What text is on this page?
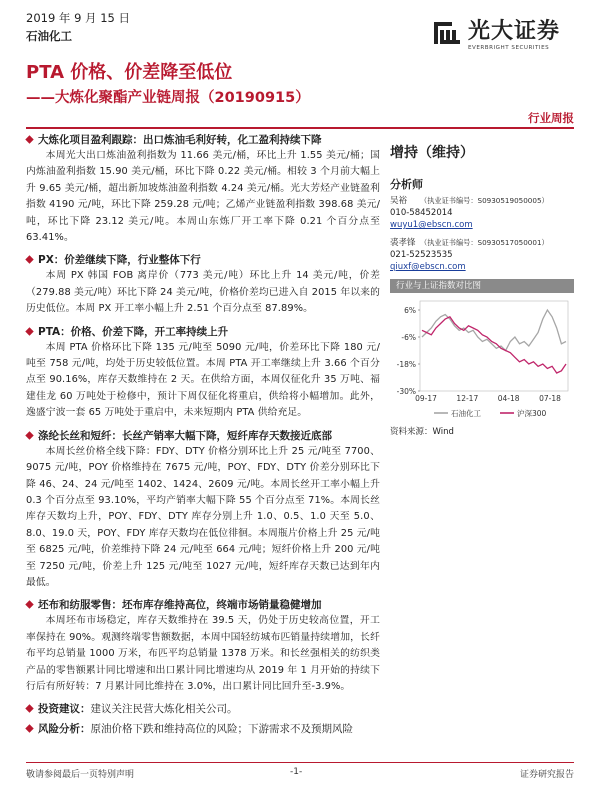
2019 年 9 月 15 日
石油化工	光大证券
EVERBRIGHT SECURITIES
PTA 价格、价差降至低位
——大炼化聚酯产业链周报（20190915）
行业周报
大炼化项目盈利跟踪：出口炼油毛利好转，化工盈利持续下降

本周光大出口炼油盈利指数为 11.66 美元/桶，环比上升 1.55 美元/桶；国内炼油盈利指数 15.90 美元/桶，环比下降 0.22 美元/桶。相较 3 个月前大幅上升 9.65 美元/桶，超出新加坡炼油盈利指数 4.24 美元/桶。光大芳烃产业链盈利指数 4190 元/吨，环比下降 259.28 元/吨；乙烯产业链盈利指数 398.68 美元/吨，环比下降 23.12 美元/吨。本周山东炼厂开工率下降 0.21 个百分点至 63.41%。

PX：价差继续下降，行业整体下行

本周 PX 韩国 FOB 离岸价（773 美元/吨）环比上升 14 美元/吨，价差（279.88 美元/吨）环比下降 24 美元/吨，价格价差均已进入自 2015 年以来的历史低位。本周 PX 开工率小幅上升 2.51 个百分点至 87.89%。

PTA：价格、价差下降，开工率持续上升

本周 PTA 价格环比下降 135 元/吨至 5090 元/吨，价差环比下降 180 元/吨至 758 元/吨，均处于历史较低位置。本周 PTA 开工率继续上升 3.66 个百分点至 90.16%，库存天数维持在 2 天。在供给方面，本周仅征化升 35 万吨、福建佳龙 60 万吨处于检修中，预计下周仅征化将重启，供给将小幅增加。此外，逸盛宁波一套 65 万吨处于重启中，未来短期内 PTA 供给充足。

涤纶长丝和短纤：长丝产销率大幅下降，短纤库存天数接近底部

本周长丝价格全线下降：FDY、DTY 价格分别环比上升 25 元/吨至 7700、9075 元/吨，POY 价格维持在 7675 元/吨，POY、FDY、DTY 价差分别环比下降 46、24、24 元/吨至 1402、1424、2609 元/吨。本周长丝开工率小幅上升 0.3 个百分点至 93.10%，平均产销率大幅下降 55 个百分点至 71%。本周长丝库存天数均上升，POY、FDY、DTY 库存分别上升 1.0、0.5、1.0 天至 5.0、8.0、19.0 天，POY、FDY 库存天数均在低位徘徊。本周瓶片价格上升 25 元/吨至 6825 元/吨，价差维持下降 24 元/吨至 664 元/吨；短纤价格上升 200 元/吨至 7250 元/吨，价差上升 125 元/吨至 1027 元/吨，短纤库存天数已达到年内最低。

坯布和纺服零售：坯布库存维持高位，终端市场销量稳健增加

本周坯布市场稳定，库存天数维持在 39.5 天，仍处于历史较高位置，开工率保持在 90%。观测终端零售额数据，本周中国轻纺城布匹销量持续增加，长纤布平均总销量 1000 万米，布匹平均总销量 1378 万米。和长丝强相关的纺织类产品的零售额累计同比增速和出口累计同比增速均从 2019 年 1 月开始的持续下行后有所好转：7 月累计同比维持在 3.0%，出口累计同比回升至-3.9%。

投资建议：建议关注民营大炼化相关公司。
风险分析：原油价格下跌和维持高位的风险；下游需求不及预期风险
增持（维持）
分析师
吴裕	（执业证书编号：S0930519050005）
010-58452014
wuyu1@ebscn.com
裘孝锋 （执业证书编号：S0930517050001）
021-52523535
qiuxf@ebscn.com
行业与上证指数对比图
6%
-6%
-18%
-30%
09-17	12-17	04-18	07-18
石油化工	沪深300
资料来源：Wind
敬请参阅最后一页特别声明	-1-	证券研究报告
